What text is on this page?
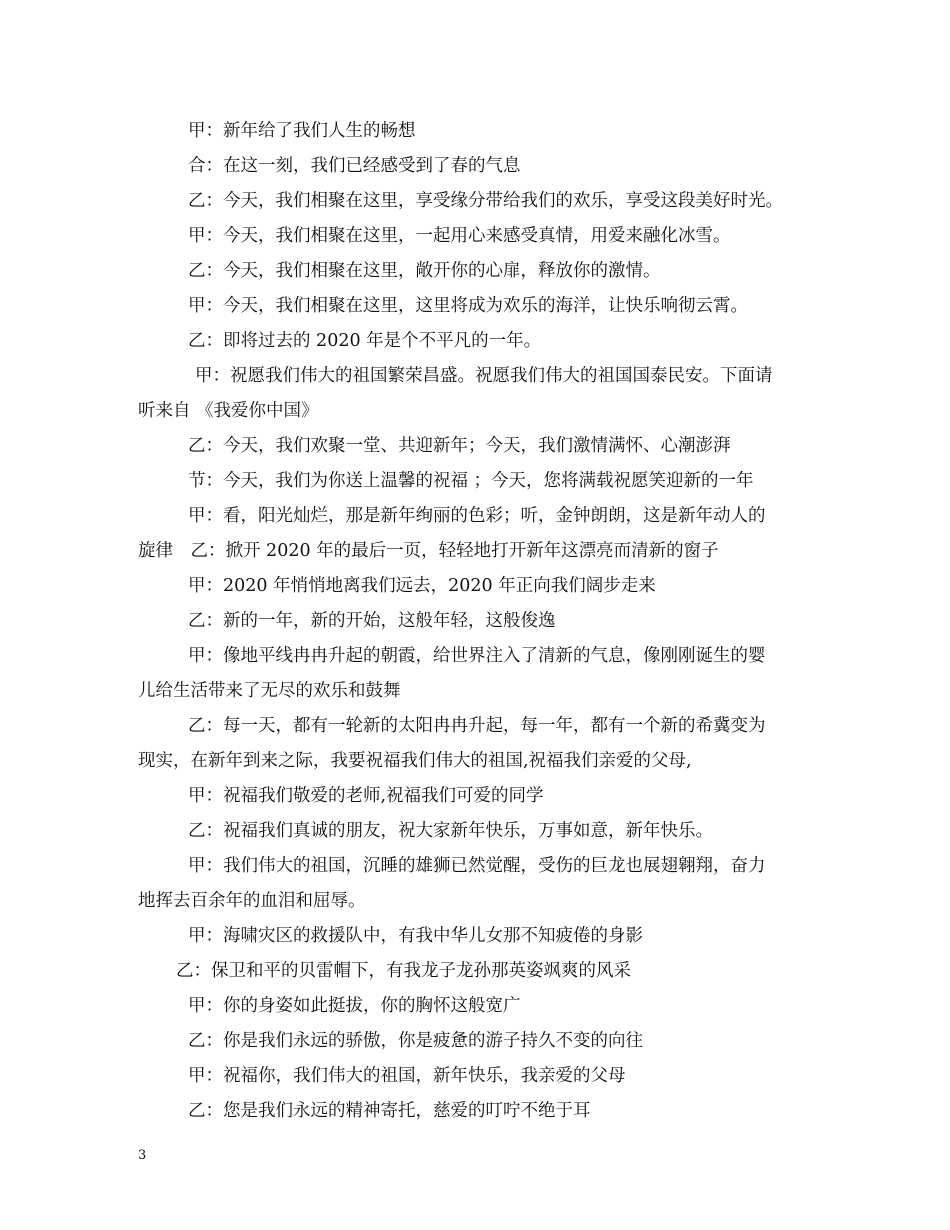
甲：新年给了我们人生的畅想
合：在这一刻，我们已经感受到了春的气息
乙：今天，我们相聚在这里，享受缘分带给我们的欢乐，享受这段美好时光。
甲：今天，我们相聚在这里，一起用心来感受真情，用爱来融化冰雪。
乙：今天，我们相聚在这里，敞开你的心扉，释放你的激情。
甲：今天，我们相聚在这里，这里将成为欢乐的海洋，让快乐响彻云霄。
乙：即将过去的 2020 年是个不平凡的一年。
甲：祝愿我们伟大的祖国繁荣昌盛。祝愿我们伟大的祖国国泰民安。下面请
听来自 《我爱你中国》
乙：今天，我们欢聚一堂、共迎新年；今天，我们激情满怀、心潮澎湃
节：今天，我们为你送上温馨的祝福 ；今天，您将满载祝愿笑迎新的一年
甲：看，阳光灿烂，那是新年绚丽的色彩；听，金钟朗朗，这是新年动人的
旋律　乙：掀开 2020 年的最后一页，轻轻地打开新年这漂亮而清新的窗子
甲：2020 年悄悄地离我们远去，2020 年正向我们阔步走来
乙：新的一年，新的开始，这般年轻，这般俊逸
甲：像地平线冉冉升起的朝霞，给世界注入了清新的气息，像刚刚诞生的婴
儿给生活带来了无尽的欢乐和鼓舞
乙：每一天，都有一轮新的太阳冉冉升起，每一年，都有一个新的希冀变为
现实，在新年到来之际，我要祝福我们伟大的祖国,祝福我们亲爱的父母,
甲：祝福我们敬爱的老师,祝福我们可爱的同学
乙：祝福我们真诚的朋友，祝大家新年快乐，万事如意，新年快乐。
甲：我们伟大的祖国，沉睡的雄狮已然觉醒，受伤的巨龙也展翅翱翔，奋力
地挥去百余年的血泪和屈辱。
甲：海啸灾区的救援队中，有我中华儿女那不知疲倦的身影
乙：保卫和平的贝雷帽下，有我龙子龙孙那英姿飒爽的风采
甲：你的身姿如此挺拔，你的胸怀这般宽广
乙：你是我们永远的骄傲，你是疲惫的游子持久不变的向往
甲：祝福你，我们伟大的祖国，新年快乐，我亲爱的父母
乙：您是我们永远的精神寄托，慈爱的叮咛不绝于耳
3
